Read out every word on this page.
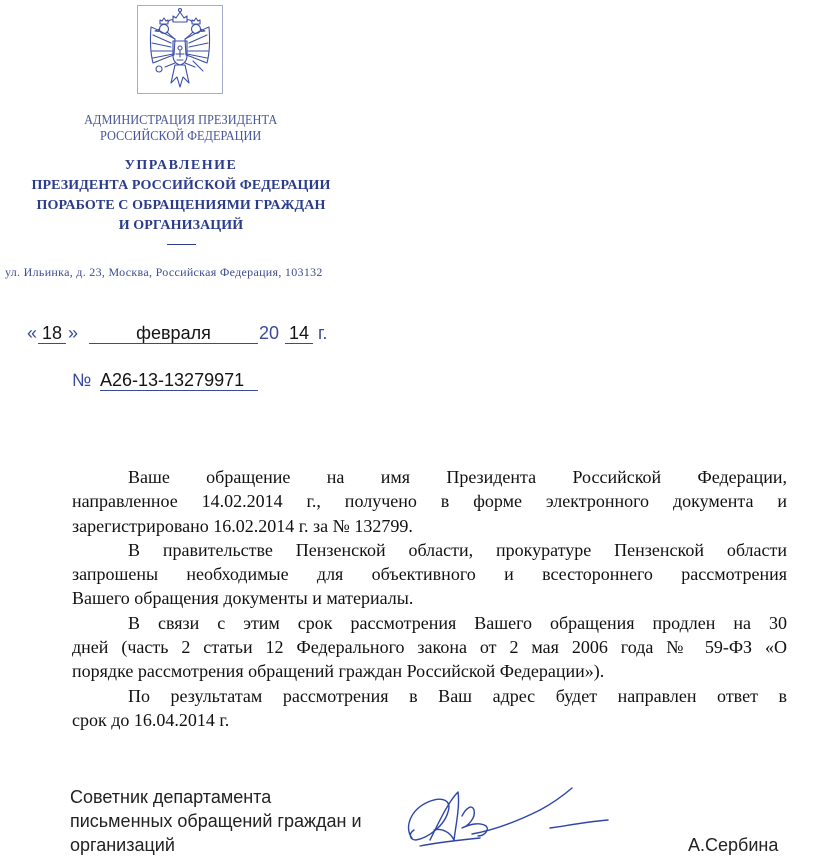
АДМИНИСТРАЦИЯ ПРЕЗИДЕНТА
РОССИЙСКОЙ ФЕДЕРАЦИИ
УПРАВЛЕНИЕ
ПРЕЗИДЕНТА РОССИЙСКОЙ ФЕДЕРАЦИИ
ПОРАБОТЕ С ОБРАЩЕНИЯМИ ГРАЖДАН
И ОРГАНИЗАЦИЙ
ул. Ильинка, д. 23, Москва, Российская Федерация, 103132
« 18 »	февраля	20 14 г.
№ А26-13-13279971
Ваше обращение на имя Президента Российской Федерации,
направленное 14.02.2014 г., получено в форме электронного документа и
зарегистрировано 16.02.2014 г. за № 132799.
В правительстве Пензенской области, прокуратуре Пензенской области
запрошены необходимые для объективного и всестороннего рассмотрения
Вашего обращения документы и материалы.
В связи с этим срок рассмотрения Вашего обращения продлен на 30
дней (часть 2 статьи 12 Федерального закона от 2 мая 2006 года № 59-ФЗ «О
порядке рассмотрения обращений граждан Российской Федерации»).
По результатам рассмотрения в Ваш адрес будет направлен ответ в
срок до 16.04.2014 г.
Советник департамента
письменных обращений граждан и
организаций	А.Сербина
